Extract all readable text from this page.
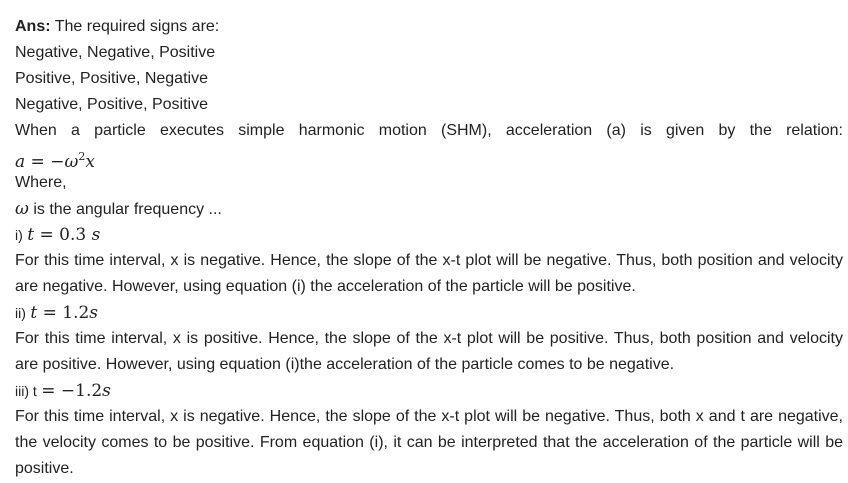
Ans: The required signs are:
Negative, Negative, Positive
Positive, Positive, Negative
Negative, Positive, Positive
When a particle executes simple harmonic motion (SHM), acceleration (a) is given by the relation:
$a = -\omega^2x$
Where,
ω is the angular frequency ...
i) t = 0.3 s
For this time interval, x is negative. Hence, the slope of the x-t plot will be negative. Thus, both position and velocity are negative. However, using equation (i) the acceleration of the particle will be positive.
ii) t = 1.2s
For this time interval, x is positive. Hence, the slope of the x-t plot will be positive. Thus, both position and velocity are positive. However, using equation (i)the acceleration of the particle comes to be negative.
iii) t = −1.2s
For this time interval, x is negative. Hence, the slope of the x-t plot will be negative. Thus, both x and t are negative, the velocity comes to be positive. From equation (i), it can be interpreted that the acceleration of the particle will be positive.
